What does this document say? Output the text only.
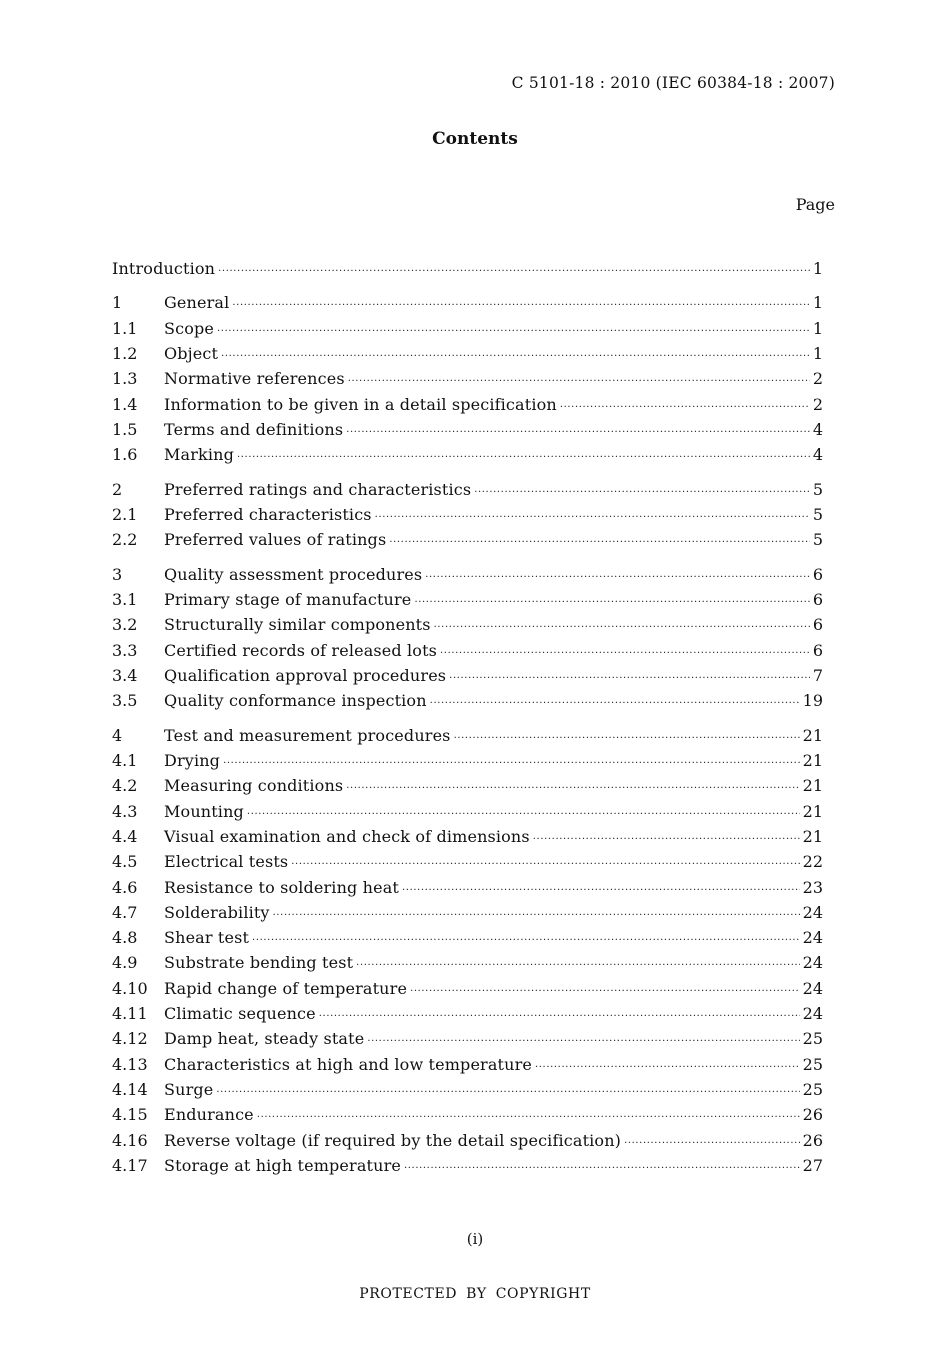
C 5101-18 : 2010 (IEC 60384-18 : 2007)
Contents
Page
Introduction ·····	1
1	General ·····	1
1.1	Scope ·····	1
1.2	Object ·····	1
1.3	Normative references ·····	2
1.4	Information to be given in a detail specification ·····	2
1.5	Terms and definitions ·····	4
1.6	Marking ·····	4
2	Preferred ratings and characteristics ·····	5
2.1	Preferred characteristics ·····	5
2.2	Preferred values of ratings ·····	5
3	Quality assessment procedures ·····	6
3.1	Primary stage of manufacture ·····	6
3.2	Structurally similar components ·····	6
3.3	Certified records of released lots ·····	6
3.4	Qualification approval procedures ·····	7
3.5	Quality conformance inspection ·····	19
4	Test and measurement procedures ·····	21
4.1	Drying ·····	21
4.2	Measuring conditions ·····	21
4.3	Mounting ·····	21
4.4	Visual examination and check of dimensions ·····	21
4.5	Electrical tests ·····	22
4.6	Resistance to soldering heat ·····	23
4.7	Solderability ·····	24
4.8	Shear test ·····	24
4.9	Substrate bending test ·····	24
4.10	Rapid change of temperature ·····	24
4.11	Climatic sequence ·····	24
4.12	Damp heat, steady state ·····	25
4.13	Characteristics at high and low temperature ·····	25
4.14	Surge ·····	25
4.15	Endurance ·····	26
4.16	Reverse voltage (if required by the detail specification) ·····	26
4.17	Storage at high temperature ·····	27
(i)
PROTECTED BY COPYRIGHT
